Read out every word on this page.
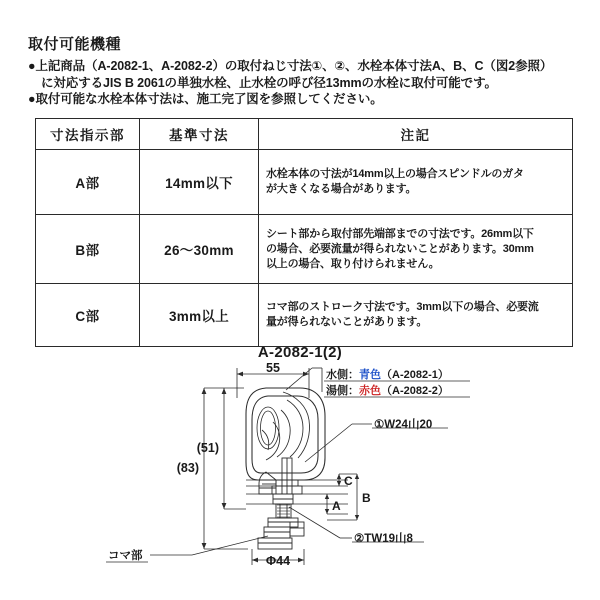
取付可能機種
●上記商品（A-2082-1、A-2082-2）の取付ねじ寸法①、②、水栓本体寸法A、B、C（図2参照）
に対応するJIS B 2061の単独水栓、止水栓の呼び径13mmの水栓に取付可能です。
●取付可能な水栓本体寸法は、施工完了図を参照してください。
寸法指示部	基準寸法	注記
A部	14mm以下	水栓本体の寸法が14mm以上の場合スピンドルのガタ
が大きくなる場合があります。

B部	26〜30mm	シート部から取付部先端部までの寸法です。26mm以下
の場合、必要流量が得られないことがあります。30mm
以上の場合、取り付けられません。

C部	3mm以上	コマ部のストローク寸法です。3mm以下の場合、必要流
量が得られないことがあります。
A-2082-1(2)
55
(51)
(83)
Φ44
C
A
B
①W24山20
②TW19山8
コマ部
水側：青色（A-2082-1）
湯側：赤色（A-2082-2）
